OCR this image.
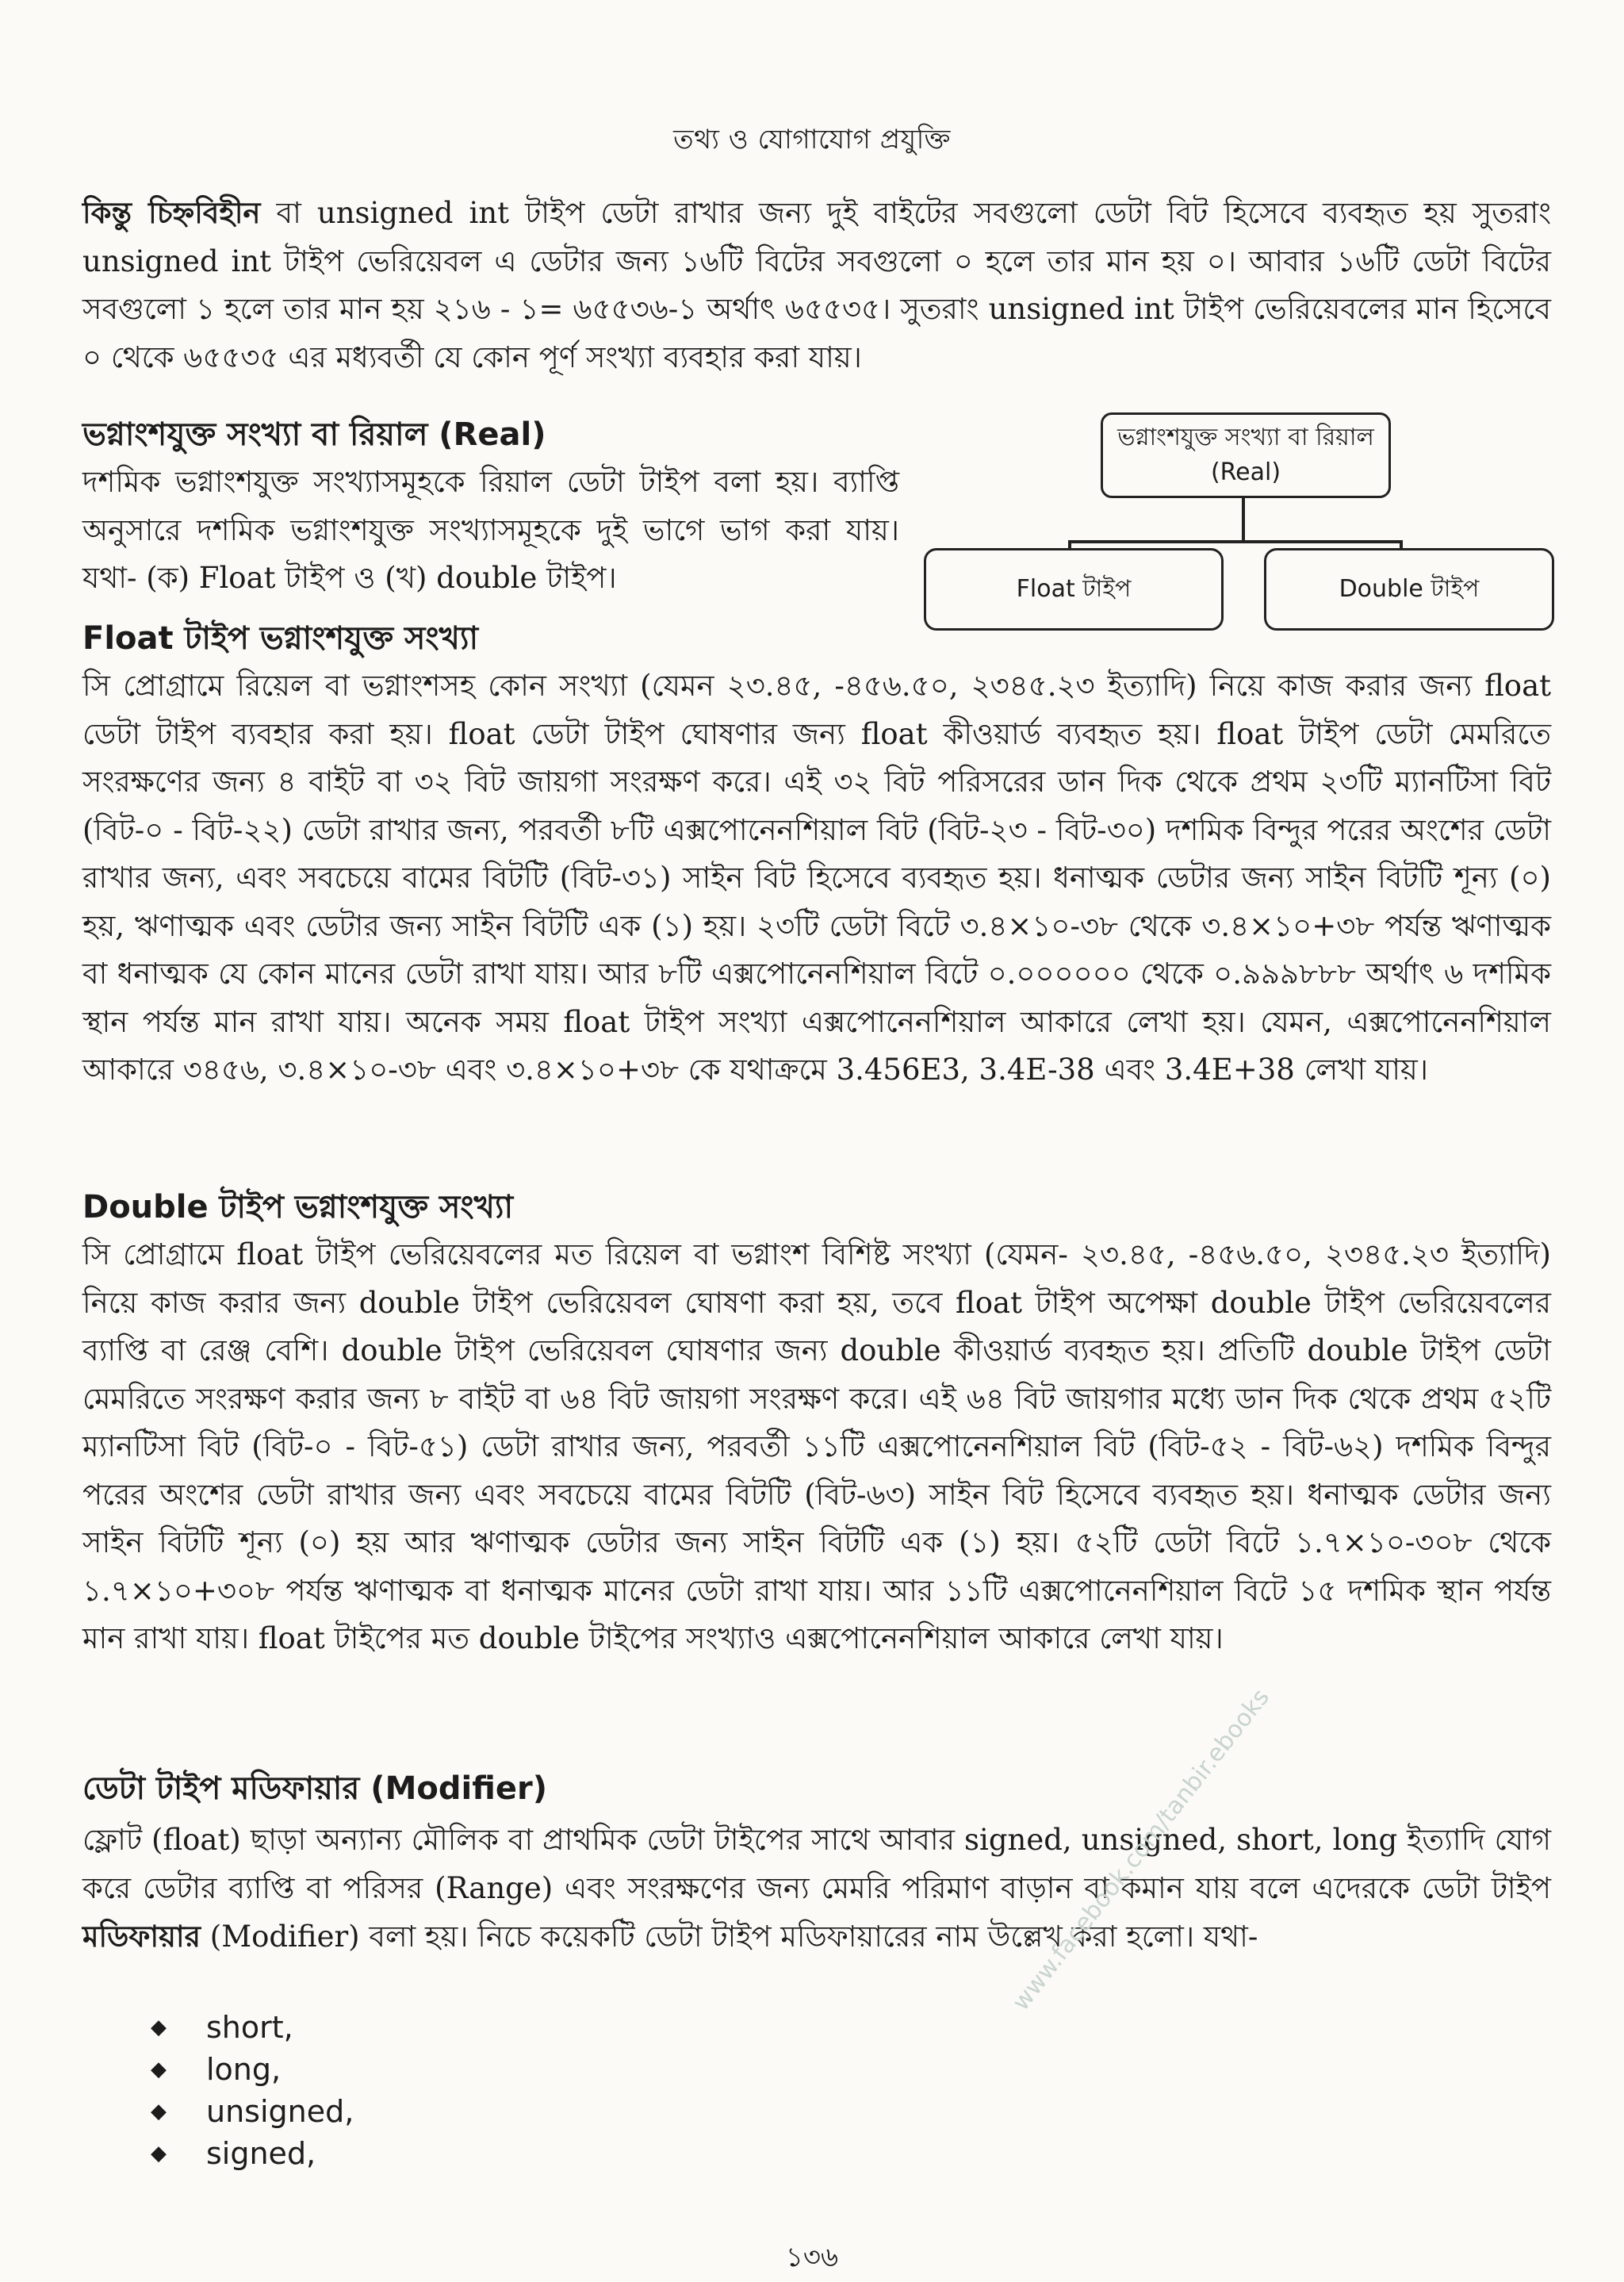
তথ্য ও যোগাযোগ প্রযুক্তি

কিন্তু চিহ্নবিহীন বা unsigned int টাইপ ডেটা রাখার জন্য দুই বাইটের সবগুলো ডেটা বিট হিসেবে ব্যবহৃত হয় সুতরাং unsigned int টাইপ ভেরিয়েবল এ ডেটার জন্য ১৬টি বিটের সবগুলো ০ হলে তার মান হয় ০। আবার ১৬টি ডেটা বিটের সবগুলো ১ হলে তার মান হয় ২১৬ - ১= ৬৫৫৩৬-১ অর্থাৎ ৬৫৫৩৫। সুতরাং unsigned int টাইপ ভেরিয়েবলের মান হিসেবে ০ থেকে ৬৫৫৩৫ এর মধ্যবর্তী যে কোন পূর্ণ সংখ্যা ব্যবহার করা যায়।

ভগ্নাংশযুক্ত সংখ্যা বা রিয়াল (Real)

দশমিক ভগ্নাংশযুক্ত সংখ্যাসমূহকে রিয়াল ডেটা টাইপ বলা হয়। ব্যাপ্তি অনুসারে দশমিক ভগ্নাংশযুক্ত সংখ্যাসমূহকে দুই ভাগে ভাগ করা যায়। যথা- (ক) Float টাইপ ও (খ) double টাইপ।

ভগ্নাংশযুক্ত সংখ্যা বা রিয়াল (Real)
Float টাইপ	Double টাইপ
Float টাইপ ভগ্নাংশযুক্ত সংখ্যা

সি প্রোগ্রামে রিয়েল বা ভগ্নাংশসহ কোন সংখ্যা (যেমন ২৩.৪৫, -৪৫৬.৫০, ২৩৪৫.২৩ ইত্যাদি) নিয়ে কাজ করার জন্য float ডেটা টাইপ ব্যবহার করা হয়। float ডেটা টাইপ ঘোষণার জন্য float কীওয়ার্ড ব্যবহৃত হয়। float টাইপ ডেটা মেমরিতে সংরক্ষণের জন্য ৪ বাইট বা ৩২ বিট জায়গা সংরক্ষণ করে। এই ৩২ বিট পরিসরের ডান দিক থেকে প্রথম ২৩টি ম্যানটিসা বিট (বিট-০ - বিট-২২) ডেটা রাখার জন্য, পরবর্তী ৮টি এক্সপোনেনশিয়াল বিট (বিট-২৩ - বিট-৩০) দশমিক বিন্দুর পরের অংশের ডেটা রাখার জন্য, এবং সবচেয়ে বামের বিটটি (বিট-৩১) সাইন বিট হিসেবে ব্যবহৃত হয়। ধনাত্মক ডেটার জন্য সাইন বিটটি শূন্য (০) হয়, ঋণাত্মক এবং ডেটার জন্য সাইন বিটটি এক (১) হয়। ২৩টি ডেটা বিটে ৩.৪×১০-৩৮ থেকে ৩.৪×১০+৩৮ পর্যন্ত ঋণাত্মক বা ধনাত্মক যে কোন মানের ডেটা রাখা যায়। আর ৮টি এক্সপোনেনশিয়াল বিটে ০.০০০০০০ থেকে ০.৯৯৯৮৮৮ অর্থাৎ ৬ দশমিক স্থান পর্যন্ত মান রাখা যায়। অনেক সময় float টাইপ সংখ্যা এক্সপোনেনশিয়াল আকারে লেখা হয়। যেমন, এক্সপোনেনশিয়াল আকারে ৩৪৫৬, ৩.৪×১০-৩৮ এবং ৩.৪×১০+৩৮ কে যথাক্রমে 3.456E3, 3.4E-38 এবং 3.4E+38 লেখা যায়।

Double টাইপ ভগ্নাংশযুক্ত সংখ্যা

সি প্রোগ্রামে float টাইপ ভেরিয়েবলের মত রিয়েল বা ভগ্নাংশ বিশিষ্ট সংখ্যা (যেমন- ২৩.৪৫, -৪৫৬.৫০, ২৩৪৫.২৩ ইত্যাদি) নিয়ে কাজ করার জন্য double টাইপ ভেরিয়েবল ঘোষণা করা হয়, তবে float টাইপ অপেক্ষা double টাইপ ভেরিয়েবলের ব্যাপ্তি বা রেঞ্জ বেশি। double টাইপ ভেরিয়েবল ঘোষণার জন্য double কীওয়ার্ড ব্যবহৃত হয়। প্রতিটি double টাইপ ডেটা মেমরিতে সংরক্ষণ করার জন্য ৮ বাইট বা ৬৪ বিট জায়গা সংরক্ষণ করে। এই ৬৪ বিট জায়গার মধ্যে ডান দিক থেকে প্রথম ৫২টি ম্যানটিসা বিট (বিট-০ - বিট-৫১) ডেটা রাখার জন্য, পরবর্তী ১১টি এক্সপোনেনশিয়াল বিট (বিট-৫২ - বিট-৬২) দশমিক বিন্দুর পরের অংশের ডেটা রাখার জন্য এবং সবচেয়ে বামের বিটটি (বিট-৬৩) সাইন বিট হিসেবে ব্যবহৃত হয়। ধনাত্মক ডেটার জন্য সাইন বিটটি শূন্য (০) হয় আর ঋণাত্মক ডেটার জন্য সাইন বিটটি এক (১) হয়। ৫২টি ডেটা বিটে ১.৭×১০-৩০৮ থেকে ১.৭×১০+৩০৮ পর্যন্ত ঋণাত্মক বা ধনাত্মক মানের ডেটা রাখা যায়। আর ১১টি এক্সপোনেনশিয়াল বিটে ১৫ দশমিক স্থান পর্যন্ত মান রাখা যায়। float টাইপের মত double টাইপের সংখ্যাও এক্সপোনেনশিয়াল আকারে লেখা যায়।

ডেটা টাইপ মডিফায়ার (Modifier)

ফ্লোট (float) ছাড়া অন্যান্য মৌলিক বা প্রাথমিক ডেটা টাইপের সাথে আবার signed, unsigned, short, long ইত্যাদি যোগ করে ডেটার ব্যাপ্তি বা পরিসর (Range) এবং সংরক্ষণের জন্য মেমরি পরিমাণ বাড়ান বা কমান যায় বলে এদেরকে ডেটা টাইপ মডিফায়ার (Modifier) বলা হয়। নিচে কয়েকটি ডেটা টাইপ মডিফায়ারের নাম উল্লেখ করা হলো। যথা-

◆	short,
◆	long,
◆	unsigned,
◆	signed,
www.facebook.com/tanbir.ebooks
১৩৬
